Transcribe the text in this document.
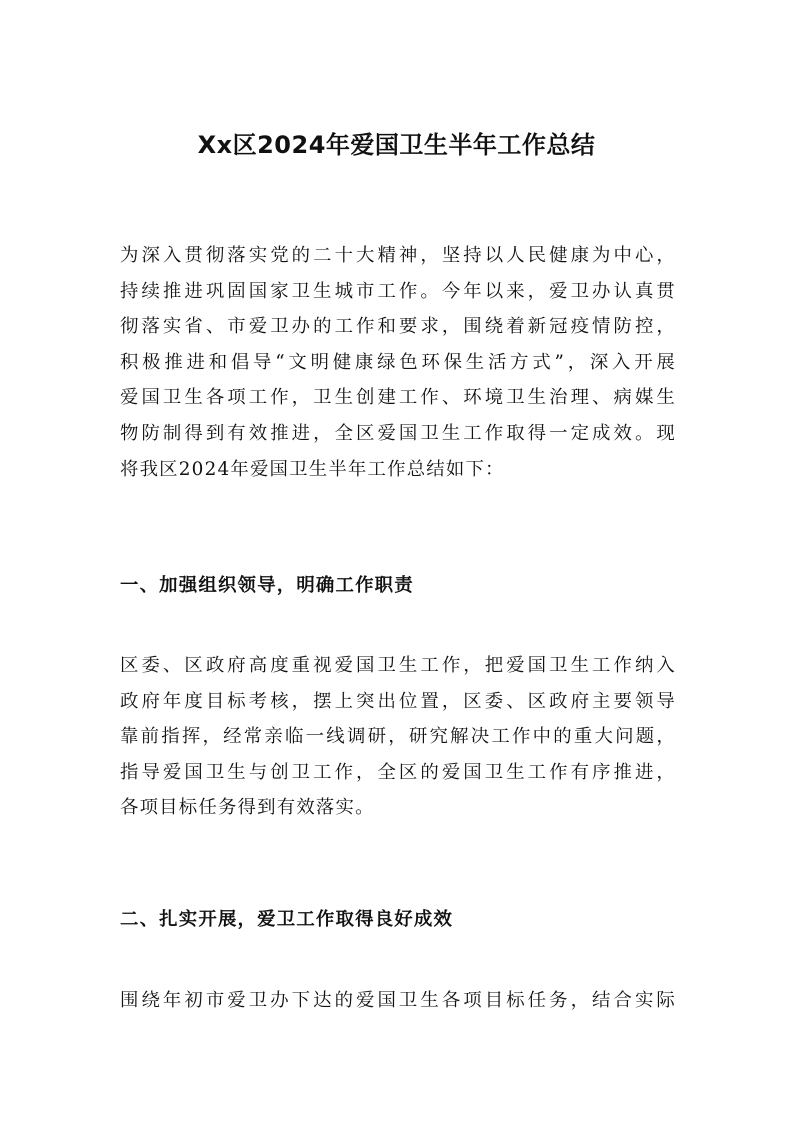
Xx区2024年爱国卫生半年工作总结
为深入贯彻落实党的二十大精神，坚持以人民健康为中心，
持续推进巩固国家卫生城市工作。今年以来，爱卫办认真贯
彻落实省、市爱卫办的工作和要求，围绕着新冠疫情防控，
积极推进和倡导“文明健康绿色环保生活方式”，深入开展
爱国卫生各项工作，卫生创建工作、环境卫生治理、病媒生
物防制得到有效推进，全区爱国卫生工作取得一定成效。现
将我区2024年爱国卫生半年工作总结如下：
一、加强组织领导，明确工作职责
区委、区政府高度重视爱国卫生工作，把爱国卫生工作纳入
政府年度目标考核，摆上突出位置，区委、区政府主要领导
靠前指挥，经常亲临一线调研，研究解决工作中的重大问题，
指导爱国卫生与创卫工作，全区的爱国卫生工作有序推进，
各项目标任务得到有效落实。
二、扎实开展，爱卫工作取得良好成效
围绕年初市爱卫办下达的爱国卫生各项目标任务，结合实际
